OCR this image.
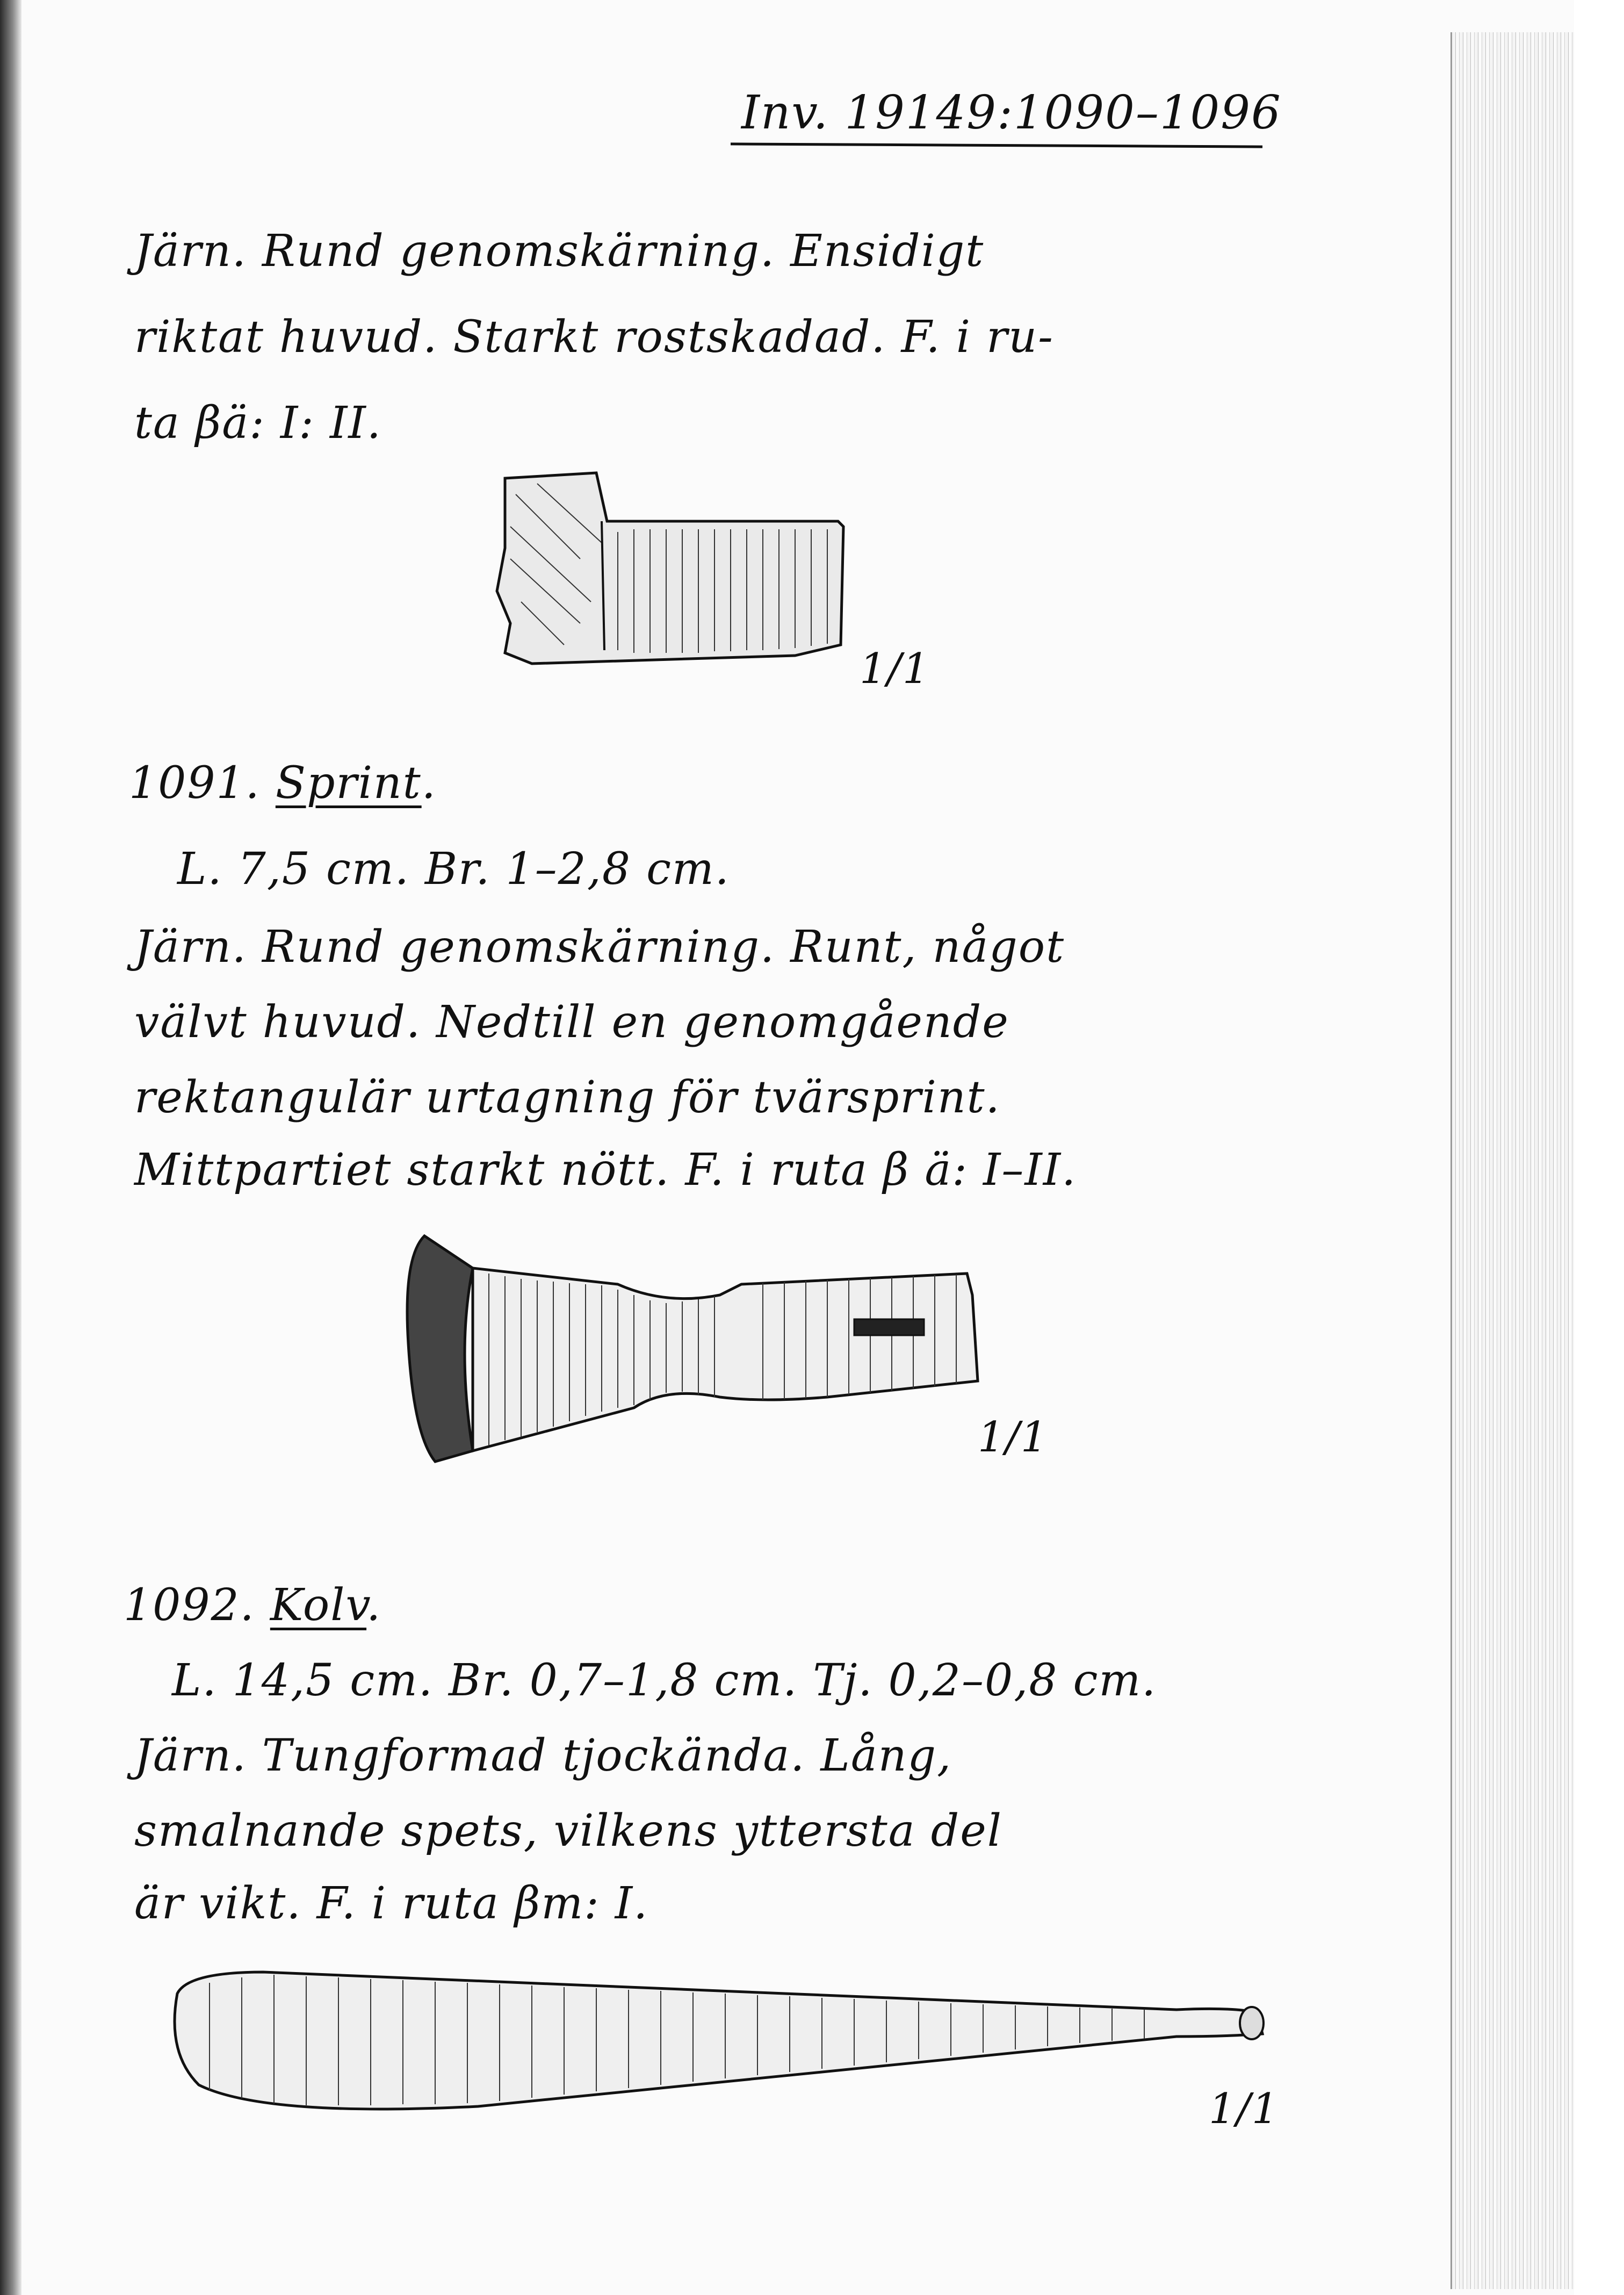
Inv. 19149:1090–1096
Järn. Rund genomskärning. Ensidigt
riktat huvud. Starkt rostskadad. F. i ru-
ta βä: I: II.
1/1
1091. Sprint.
L. 7,5 cm. Br. 1–2,8 cm.
Järn. Rund genomskärning. Runt, något
välvt huvud. Nedtill en genomgående
rektangulär urtagning för tvärsprint.
Mittpartiet starkt nött. F. i ruta β ä: I–II.
1/1
1092. Kolv.
L. 14,5 cm. Br. 0,7–1,8 cm. Tj. 0,2–0,8 cm.
Järn. Tungformad tjockända. Lång,
smalnande spets, vilkens yttersta del
är vikt. F. i ruta βm: I.
1/1
